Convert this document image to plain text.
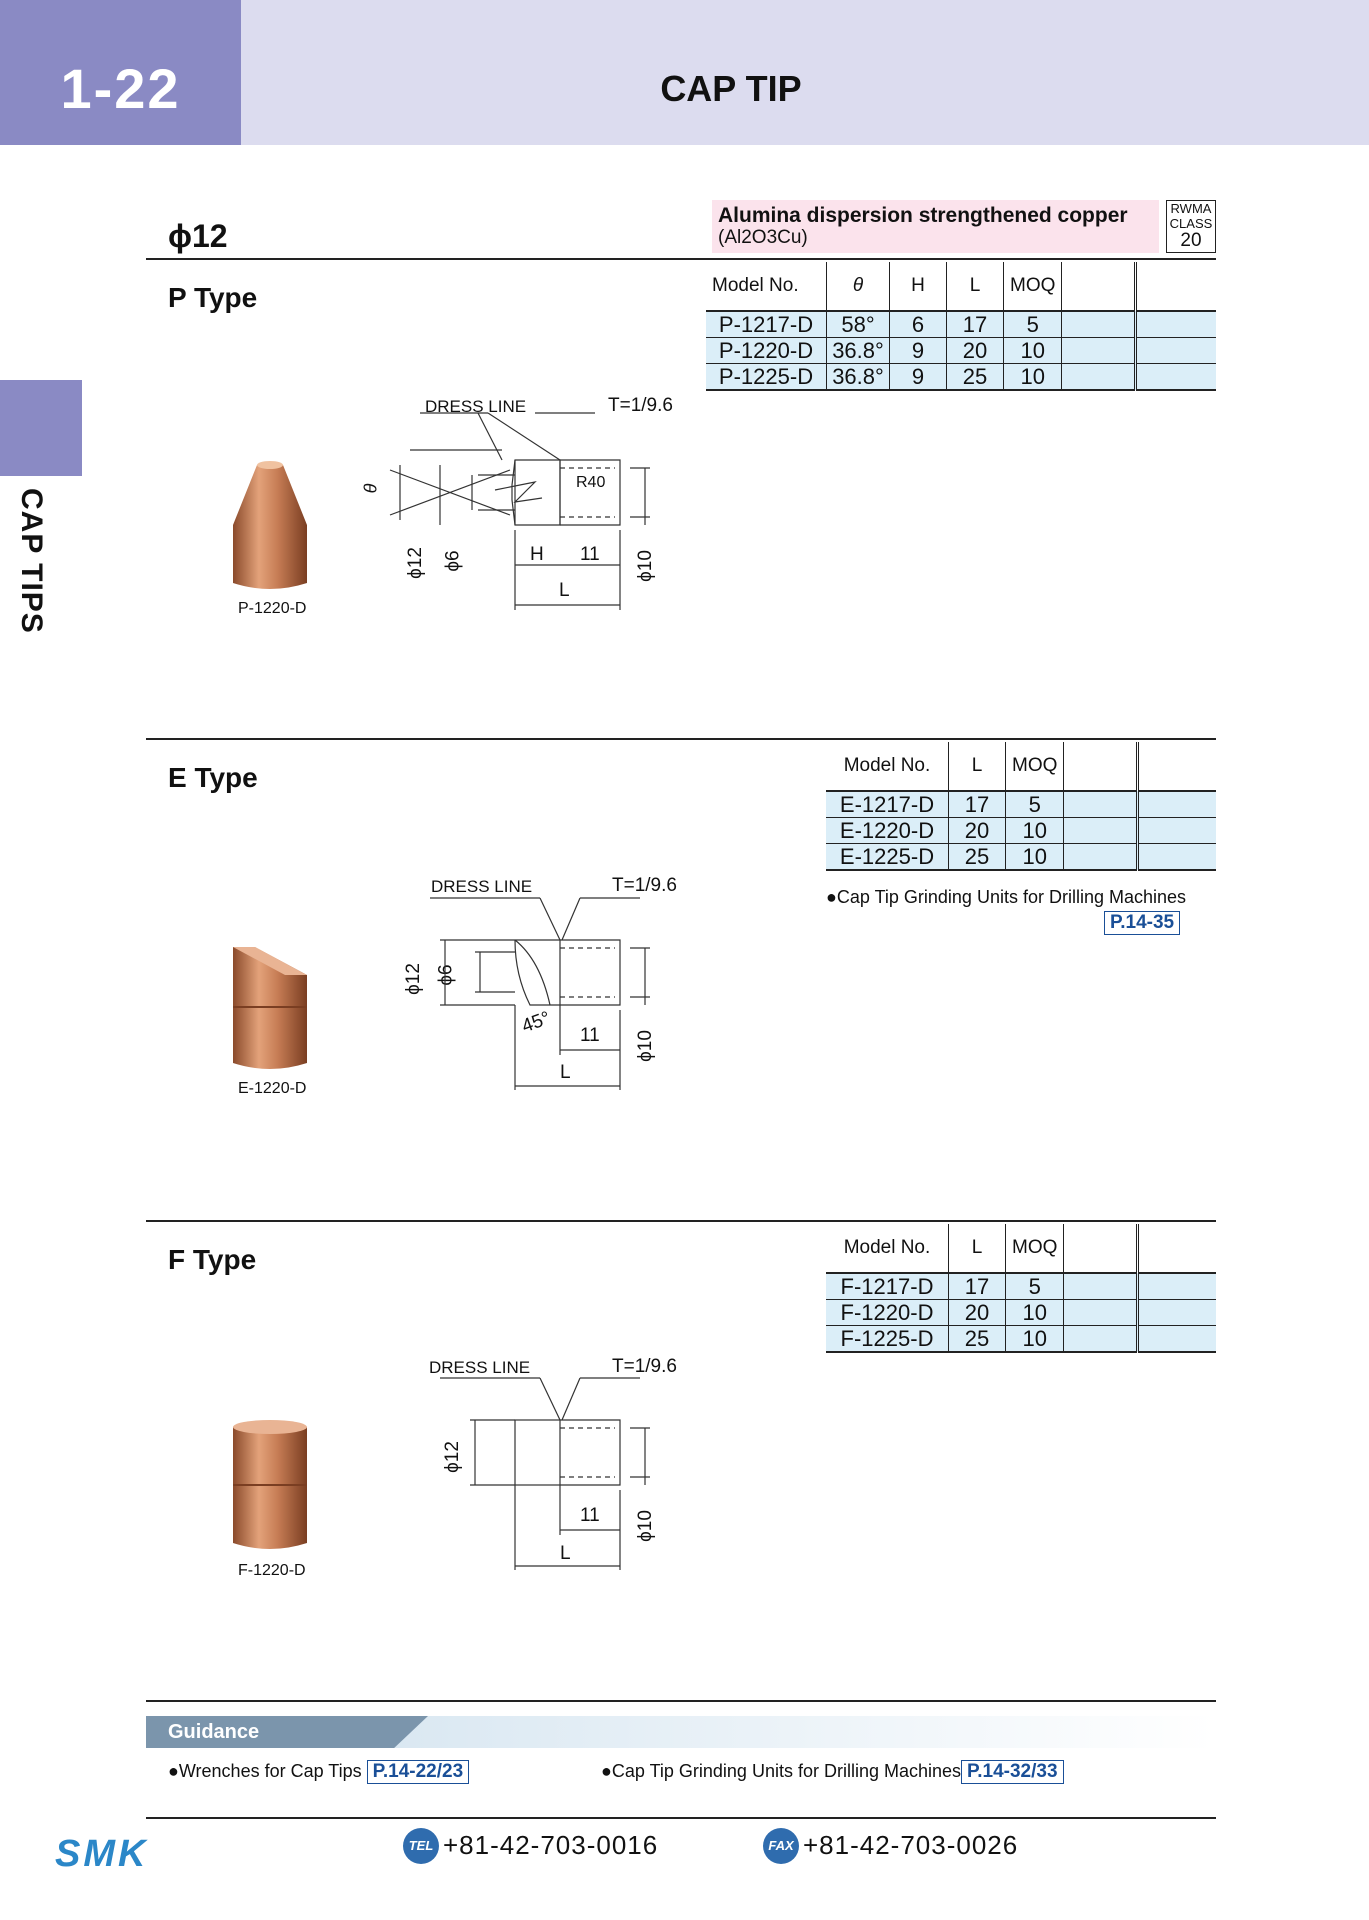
1-22	CAP TIP
CAP TIPS
ϕ12
Alumina dispersion strengthened copper
(Al2O3Cu)
RWMA
CLASS
20
P Type	Model No.	θ	H	L	MOQ		
P-1217-D	58°	6	17	5		
P-1220-D	36.8°	9	20	10		
P-1225-D	36.8°	9	25	10		
P-1220-D
DRESS LINE	T=1/9.6
R40
θ
ϕ12 ϕ6	ϕ10
H 11
L
E Type	Model No.	L	MOQ		
E-1217-D	17	5		
E-1220-D	20	10		
E-1225-D	25	10		
●Cap Tip Grinding Units for Drilling Machines
P.14-35
E-1220-D
DRESS LINE	T=1/9.6
ϕ12 ϕ6
45°
ϕ10
11
L
F Type	Model No.	L	MOQ		
F-1217-D	17	5		
F-1220-D	20	10		
F-1225-D	25	10		
F-1220-D
DRESS LINE	T=1/9.6
ϕ12
ϕ10
11
L
Guidance
●Wrenches for Cap Tips P.14-22/23	●Cap Tip Grinding Units for Drilling Machines P.14-32/33
SMK	TEL +81-42-703-0016	FAX +81-42-703-0026
